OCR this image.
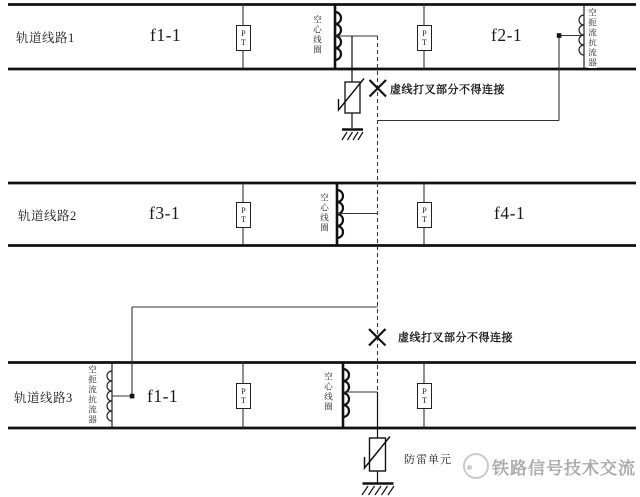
轨道线路1
轨道线路2
轨道线路3
f1-1	f2-1
f3-1	f4-1
f1-1
P
T
P
T
P
T
P
T
P
T
P
T
空心线圈
空心线圈
空心线圈
空扼流抗流器
空扼流抗流器
虚线打叉部分不得连接
虚线打叉部分不得连接
防雷单元 铁路信号技术交流
